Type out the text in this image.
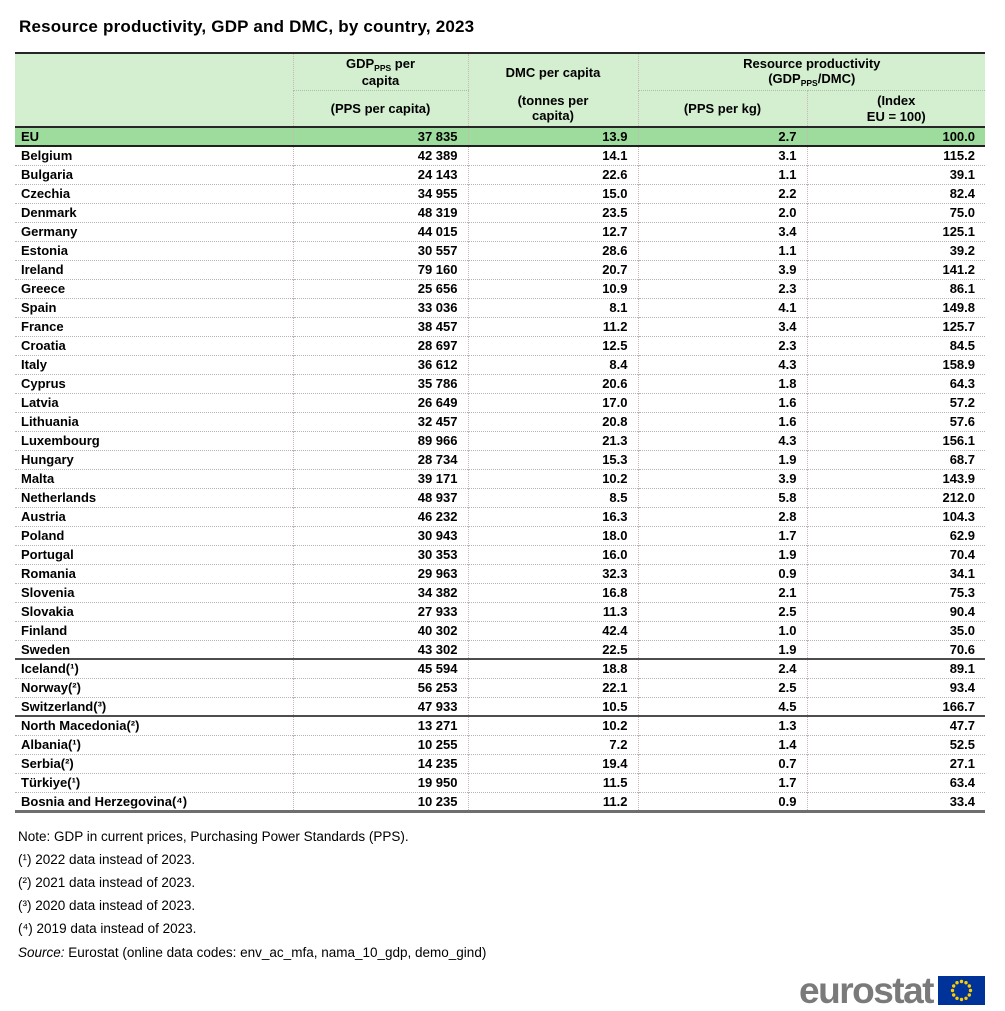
Resource productivity, GDP and DMC, by country, 2023
	$GDP_{PPS}$ per
capita	DMC per capita	Resource productivity
$(GDP_{PPS}/DMC)$	
	(PPS per capita)	(tonnes per
capita)	(PPS per kg)	(Index
EU = 100)
EU	37 835	13.9	2.7	100.0
Belgium	42 389	14.1	3.1	115.2
Bulgaria	24 143	22.6	1.1	39.1
Czechia	34 955	15.0	2.2	82.4
Denmark	48 319	23.5	2.0	75.0
Germany	44 015	12.7	3.4	125.1
Estonia	30 557	28.6	1.1	39.2
Ireland	79 160	20.7	3.9	141.2
Greece	25 656	10.9	2.3	86.1
Spain	33 036	8.1	4.1	149.8
France	38 457	11.2	3.4	125.7
Croatia	28 697	12.5	2.3	84.5
Italy	36 612	8.4	4.3	158.9
Cyprus	35 786	20.6	1.8	64.3
Latvia	26 649	17.0	1.6	57.2
Lithuania	32 457	20.8	1.6	57.6
Luxembourg	89 966	21.3	4.3	156.1
Hungary	28 734	15.3	1.9	68.7
Malta	39 171	10.2	3.9	143.9
Netherlands	48 937	8.5	5.8	212.0
Austria	46 232	16.3	2.8	104.3
Poland	30 943	18.0	1.7	62.9
Portugal	30 353	16.0	1.9	70.4
Romania	29 963	32.3	0.9	34.1
Slovenia	34 382	16.8	2.1	75.3
Slovakia	27 933	11.3	2.5	90.4
Finland	40 302	42.4	1.0	35.0
Sweden	43 302	22.5	1.9	70.6
Iceland(¹)	45 594	18.8	2.4	89.1
Norway(²)	56 253	22.1	2.5	93.4
Switzerland(³)	47 933	10.5	4.5	166.7
North Macedonia(²)	13 271	10.2	1.3	47.7
Albania(¹)	10 255	7.2	1.4	52.5
Serbia(²)	14 235	19.4	0.7	27.1
Türkiye(¹)	19 950	11.5	1.7	63.4
Bosnia and Herzegovina(⁴)	10 235	11.2	0.9	33.4
Note: GDP in current prices, Purchasing Power Standards (PPS).
(¹) 2022 data instead of 2023.
(²) 2021 data instead of 2023.
(³) 2020 data instead of 2023.
(⁴) 2019 data instead of 2023.
Source: Eurostat (online data codes: env_ac_mfa, nama_10_gdp, demo_gind)
eurostat
